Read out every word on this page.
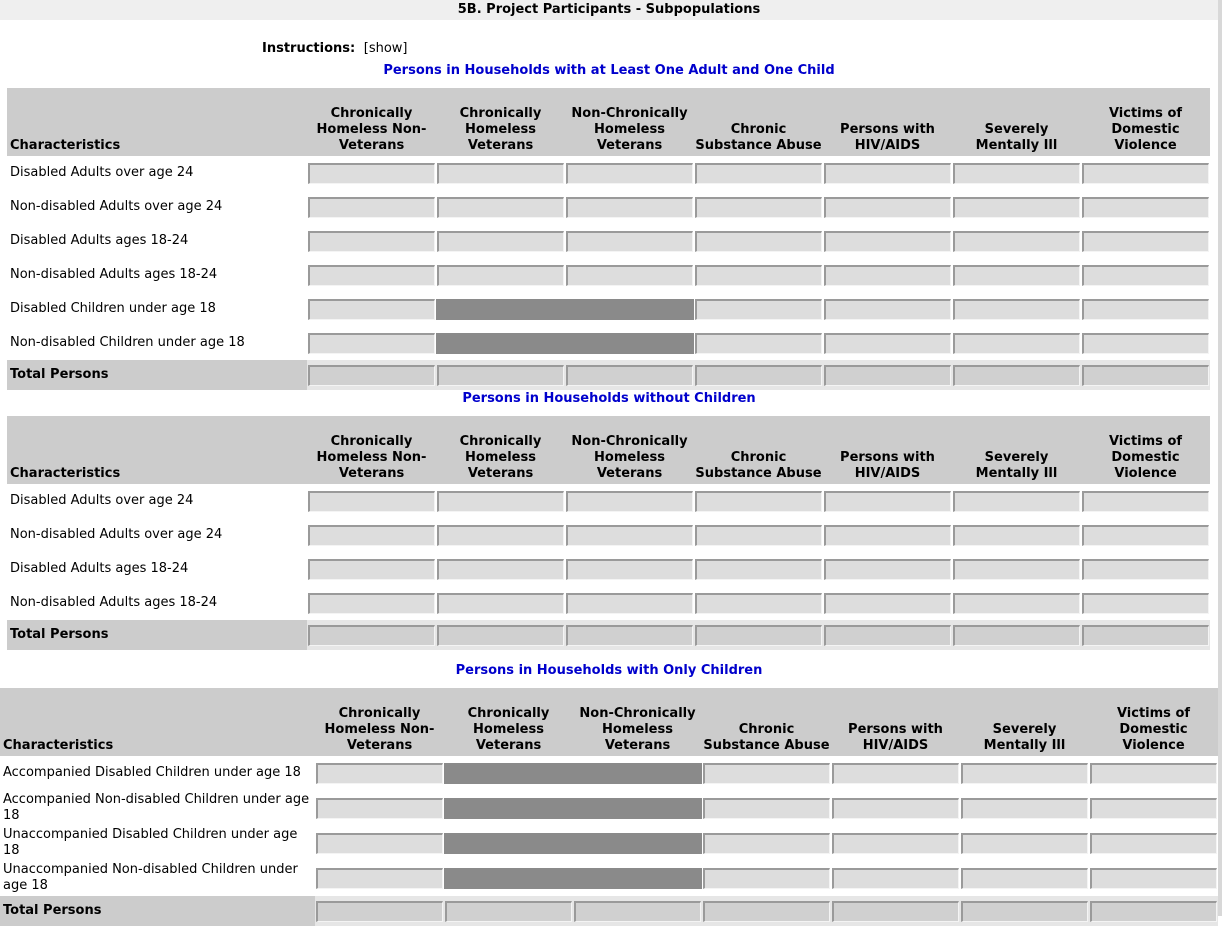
5B. Project Participants - Subpopulations
Instructions: [show]
Persons in Households with at Least One Adult and One Child
Characteristics	Chronically Homeless Non-Veterans	Chronically Homeless Veterans	Non-Chronically Homeless Veterans	Chronic Substance Abuse	Persons with HIV/AIDS	Severely Mentally Ill	Victims of Domestic Violence
Disabled Adults over age 24	

Non-disabled Adults over age 24	

Disabled Adults ages 18-24	

Non-disabled Adults ages 18-24	

Disabled Children under age 18		

Non-disabled Children under age 18		

Total Persons	

Persons in Households without Children
Characteristics	Chronically Homeless Non-Veterans	Chronically Homeless Veterans	Non-Chronically Homeless Veterans	Chronic Substance Abuse	Persons with HIV/AIDS	Severely Mentally Ill	Victims of Domestic Violence
Disabled Adults over age 24	

Non-disabled Adults over age 24	

Disabled Adults ages 18-24	

Non-disabled Adults ages 18-24	

Total Persons	

Persons in Households with Only Children
Characteristics	Chronically Homeless Non-Veterans	Chronically Homeless Veterans	Non-Chronically Homeless Veterans	Chronic Substance Abuse	Persons with HIV/AIDS	Severely Mentally Ill	Victims of Domestic Violence
Accompanied Disabled Children under age 18		

Accompanied Non-disabled Children under age 18		

Unaccompanied Disabled Children under age 18		

Unaccompanied Non-disabled Children under age 18		

Total Persons	
